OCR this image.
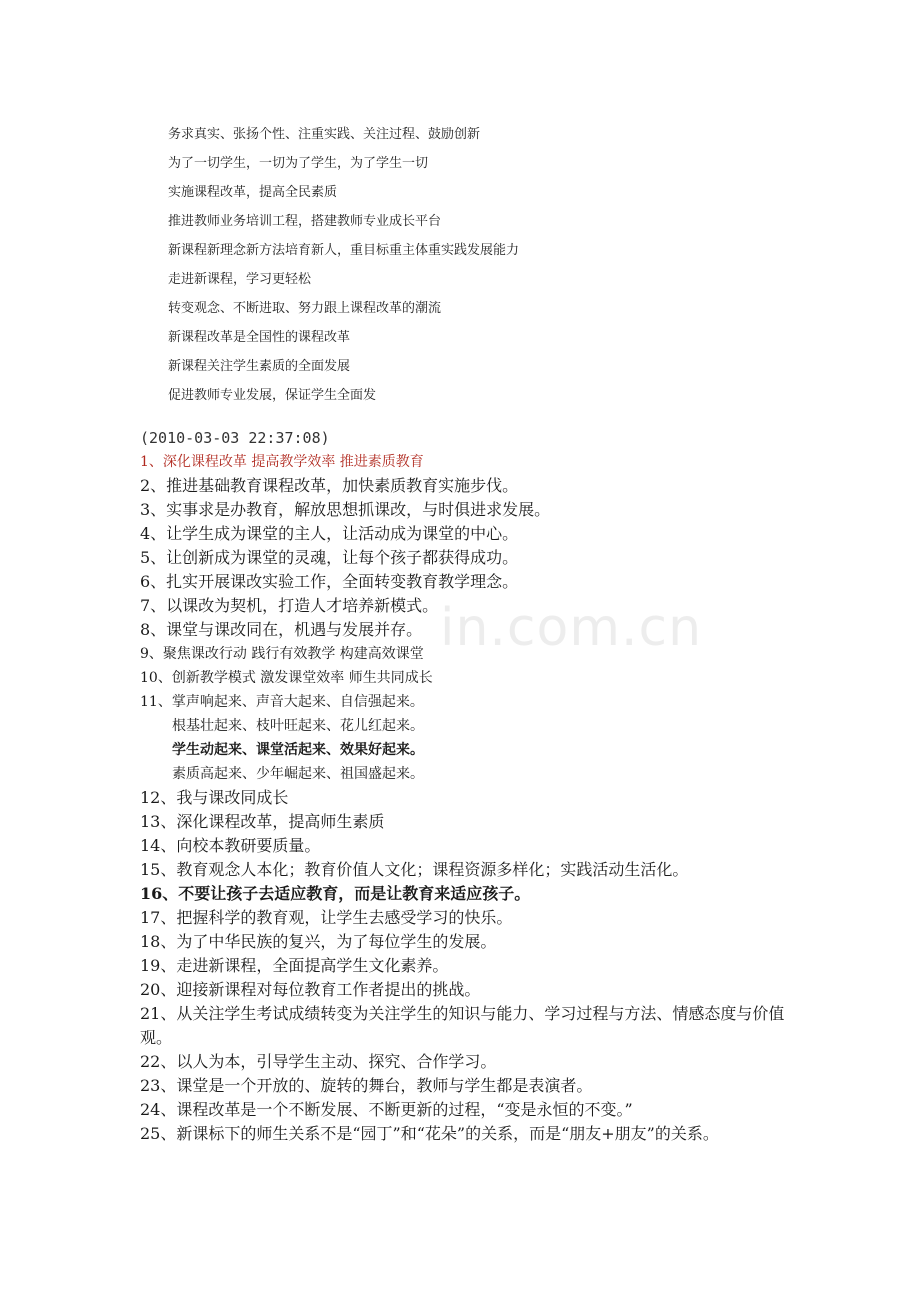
务求真实、张扬个性、注重实践、关注过程、鼓励创新
为了一切学生，一切为了学生，为了学生一切
实施课程改革，提高全民素质
推进教师业务培训工程，搭建教师专业成长平台
新课程新理念新方法培育新人，重目标重主体重实践发展能力
走进新课程，学习更轻松
转变观念、不断进取、努力跟上课程改革的潮流
新课程改革是全国性的课程改革
新课程关注学生素质的全面发展
促进教师专业发展，保证学生全面发
(2010-03-03 22:37:08)
in.com.cn
1、深化课程改革 提高教学效率 推进素质教育
2、推进基础教育课程改革，加快素质教育实施步伐。
3、实事求是办教育，解放思想抓课改，与时俱进求发展。
4、让学生成为课堂的主人，让活动成为课堂的中心。
5、让创新成为课堂的灵魂，让每个孩子都获得成功。
6、扎实开展课改实验工作，全面转变教育教学理念。
7、以课改为契机，打造人才培养新模式。
8、课堂与课改同在，机遇与发展并存。
9、聚焦课改行动 践行有效教学 构建高效课堂
10、创新教学模式 激发课堂效率 师生共同成长
11、掌声响起来、声音大起来、自信强起来。
根基壮起来、枝叶旺起来、花儿红起来。
学生动起来、课堂活起来、效果好起来。
素质高起来、少年崛起来、祖国盛起来。
12、我与课改同成长
13、深化课程改革，提高师生素质
14、向校本教研要质量。
15、教育观念人本化；教育价值人文化；课程资源多样化；实践活动生活化。
16、不要让孩子去适应教育，而是让教育来适应孩子。
17、把握科学的教育观，让学生去感受学习的快乐。
18、为了中华民族的复兴，为了每位学生的发展。
19、走进新课程，全面提高学生文化素养。
20、迎接新课程对每位教育工作者提出的挑战。
21、从关注学生考试成绩转变为关注学生的知识与能力、学习过程与方法、情感态度与价值观。
22、以人为本，引导学生主动、探究、合作学习。
23、课堂是一个开放的、旋转的舞台，教师与学生都是表演者。
24、课程改革是一个不断发展、不断更新的过程，“变是永恒的不变。”
25、新课标下的师生关系不是“园丁”和“花朵”的关系，而是“朋友+朋友”的关系。
